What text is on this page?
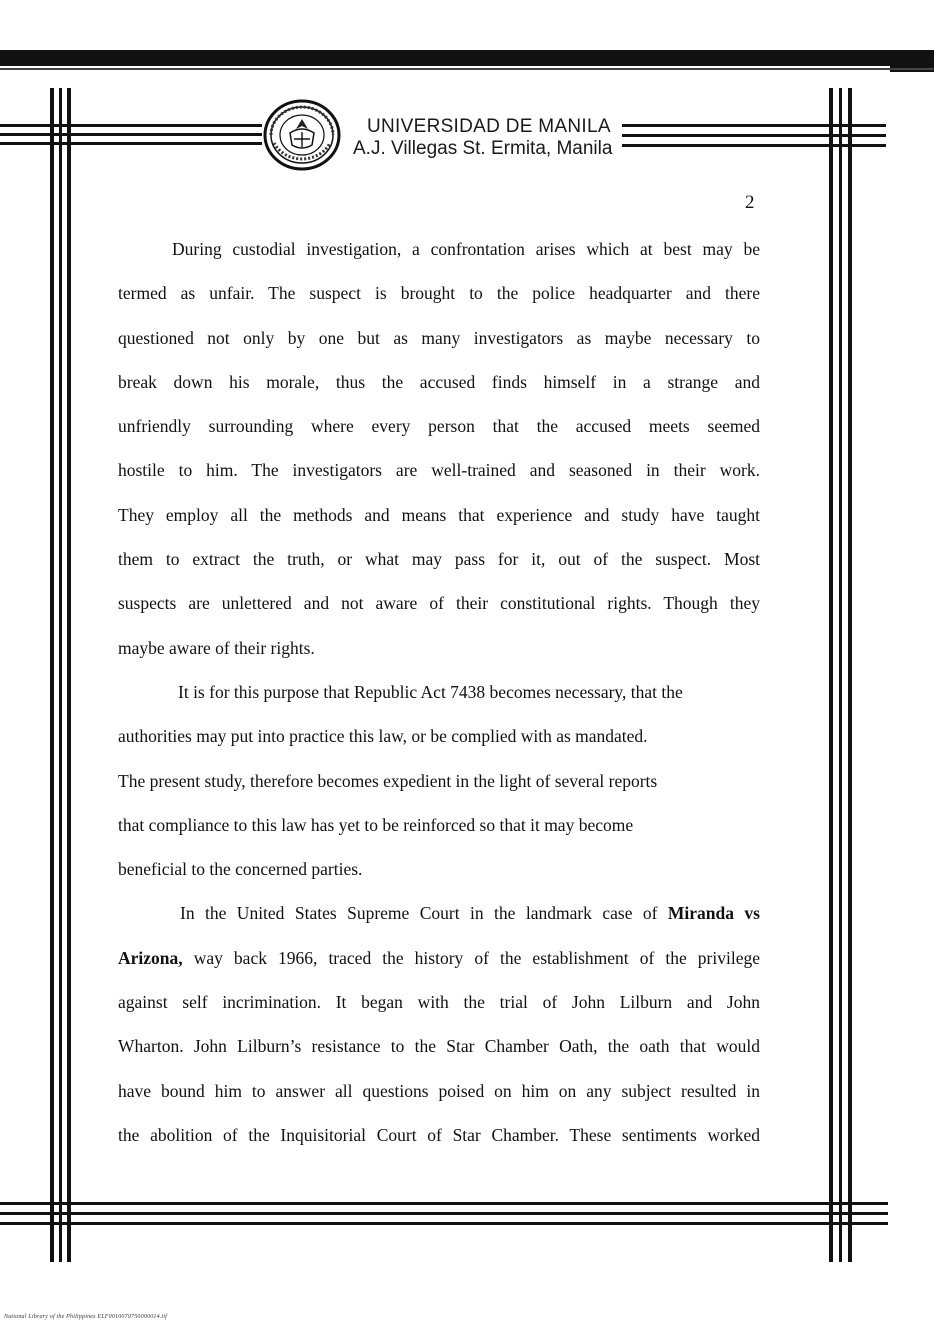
UNIVERSIDAD DE MANILA
A.J. Villegas St. Ermita, Manila
2
During custodial investigation, a confrontation arises which at best may be
termed as unfair. The suspect is brought to the police headquarter and there
questioned not only by one but as many investigators as maybe necessary to
break down his morale, thus the accused finds himself in a strange and
unfriendly surrounding where every person that the accused meets seemed
hostile to him. The investigators are well-trained and seasoned in their work.
They employ all the methods and means that experience and study have taught
them to extract the truth, or what may pass for it, out of the suspect. Most
suspects are unlettered and not aware of their constitutional rights. Though they
maybe aware of their rights.
It is for this purpose that Republic Act 7438 becomes necessary, that the
authorities may put into practice this law, or be complied with as mandated.
The present study, therefore becomes expedient in the light of several reports
that compliance to this law has yet to be reinforced so that it may become
beneficial to the concerned parties.
In the United States Supreme Court in the landmark case of Miranda vs
Arizona, way back 1966, traced the history of the establishment of the privilege
against self incrimination. It began with the trial of John Lilburn and John
Wharton. John Lilburn’s resistance to the Star Chamber Oath, the oath that would
have bound him to answer all questions poised on him on any subject resulted in
the abolition of the Inquisitorial Court of Star Chamber. These sentiments worked
National Library of the Philippines ELF0010070750000014.tif
